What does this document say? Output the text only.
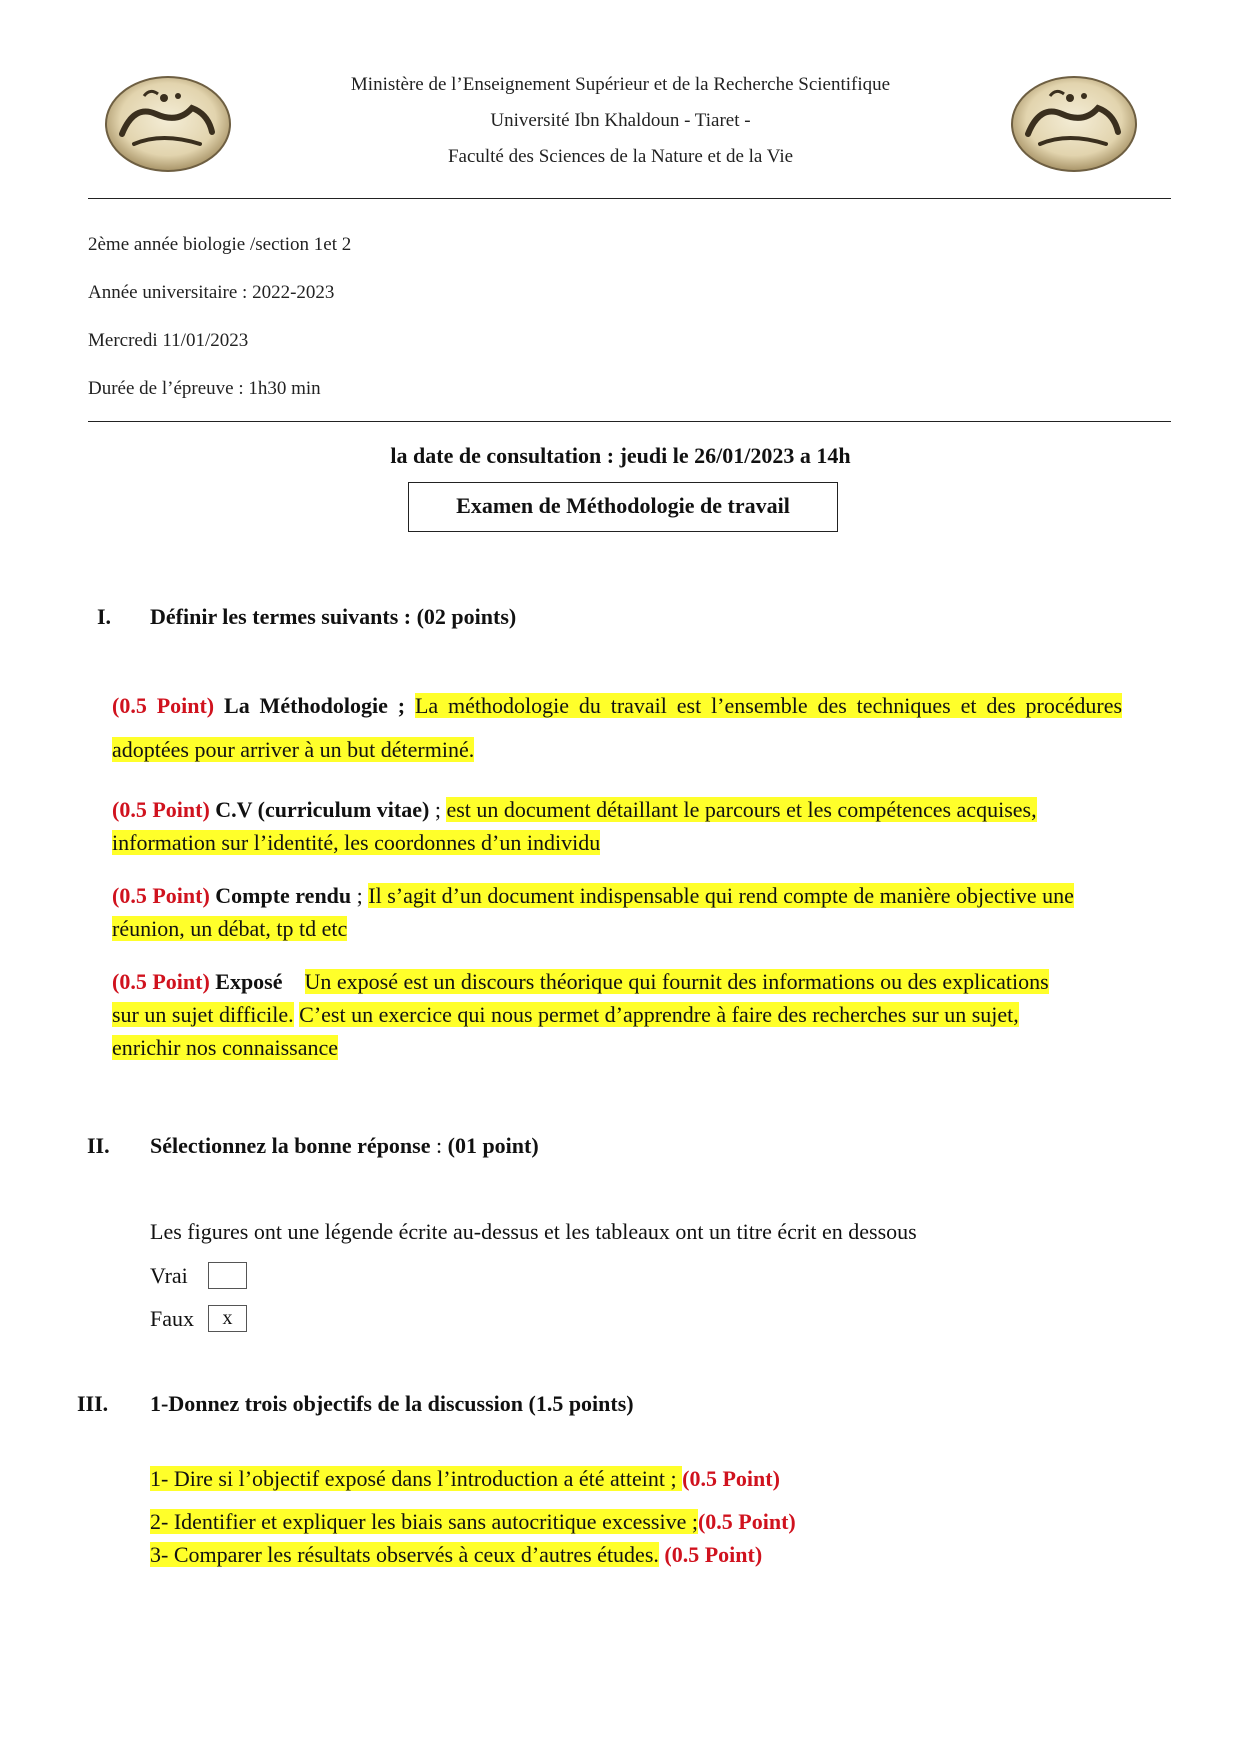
Ministère de l’Enseignement Supérieur et de la Recherche Scientifique
Université Ibn Khaldoun - Tiaret -
Faculté des Sciences de la Nature et de la Vie
2ème année biologie /section 1et 2
Année universitaire : 2022-2023
Mercredi 11/01/2023
Durée de l’épreuve : 1h30 min
la date de consultation : jeudi le 26/01/2023 a 14h
Examen de Méthodologie de travail
I. Définir les termes suivants : (02 points)
(0.5 Point) La Méthodologie ; La méthodologie du travail est l’ensemble des techniques et des procédures adoptées pour arriver à un but déterminé.
(0.5 Point) C.V (curriculum vitae) ; est un document détaillant le parcours et les compétences acquises, information sur l’identité, les coordonnes d’un individu
(0.5 Point) Compte rendu ; Il s’agit d’un document indispensable qui rend compte de manière objective une réunion, un débat, tp td etc
(0.5 Point) Exposé Un exposé est un discours théorique qui fournit des informations ou des explications sur un sujet difficile. C’est un exercice qui nous permet d’apprendre à faire des recherches sur un sujet, enrichir nos connaissance
II. Sélectionnez la bonne réponse : (01 point)
Les figures ont une légende écrite au-dessus et les tableaux ont un titre écrit en dessous
Vrai
Faux	x
III. 1-Donnez trois objectifs de la discussion (1.5 points)
1- Dire si l’objectif exposé dans l’introduction a été atteint ; (0.5 Point)
2- Identifier et expliquer les biais sans autocritique excessive ;(0.5 Point)
3- Comparer les résultats observés à ceux d’autres études. (0.5 Point)
